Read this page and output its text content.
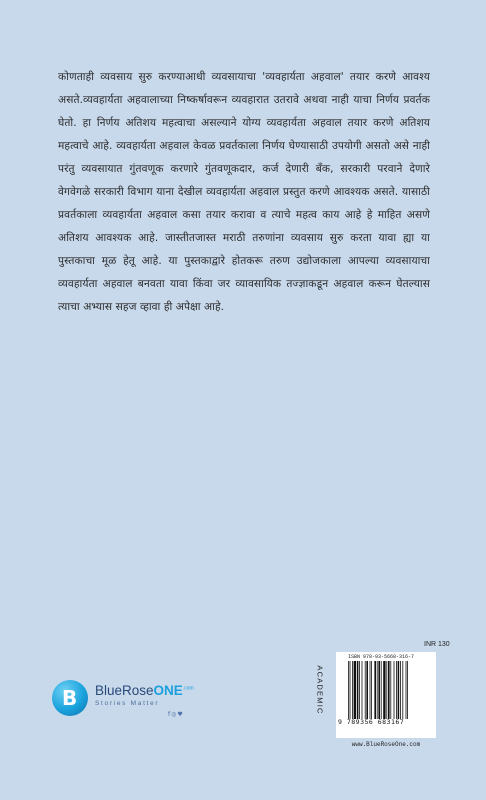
कोणताही व्यवसाय सुरु करण्याआधी व्यवसायाचा 'व्यवहार्यता अहवाल' तयार करणे आवश्य असते.व्यवहार्यता अहवालाच्या निष्कर्षावरून व्यवहारात उतरावे अथवा नाही याचा निर्णय प्रवर्तक घेतो. हा निर्णय अतिशय महत्वाचा असल्याने योग्य व्यवहार्यता अहवाल तयार करणे अतिशय महत्वाचे आहे. व्यवहार्यता अहवाल केवळ प्रवर्तकाला निर्णय घेण्यासाठी उपयोगी असतो असे नाही परंतु व्यवसायात गुंतवणूक करणारे गुंतवणूकदार, कर्ज देणारी बँक, सरकारी परवाने देणारे वेगवेगळे सरकारी विभाग याना देखील व्यवहार्यता अहवाल प्रस्तुत करणे आवश्यक असते. यासाठी प्रवर्तकाला व्यवहार्यता अहवाल कसा तयार करावा व त्याचे महत्व काय आहे हे माहित असणे अतिशय आवश्यक आहे. जास्तीतजास्त मराठी तरुणांना व्यवसाय सुरु करता यावा ह्या या पुस्तकाचा मूळ हेतू आहे. या पुस्तकाद्वारे होतकरू तरुण उद्योजकाला आपल्या व्यवसायाचा व्यवहार्यता अहवाल बनवता यावा किंवा जर व्यावसायिक तज्ज्ञाकडून अहवाल करून घेतल्यास त्याचा अभ्यास सहज व्हावा ही अपेक्षा आहे.

B BlueRoseONE$^{.com}$
Stories Matter
f◎♥
INR 130
ACADEMIC
ISBN 978-93-5668-316-7
9 789356 683167
www.BlueRoseOne.com
